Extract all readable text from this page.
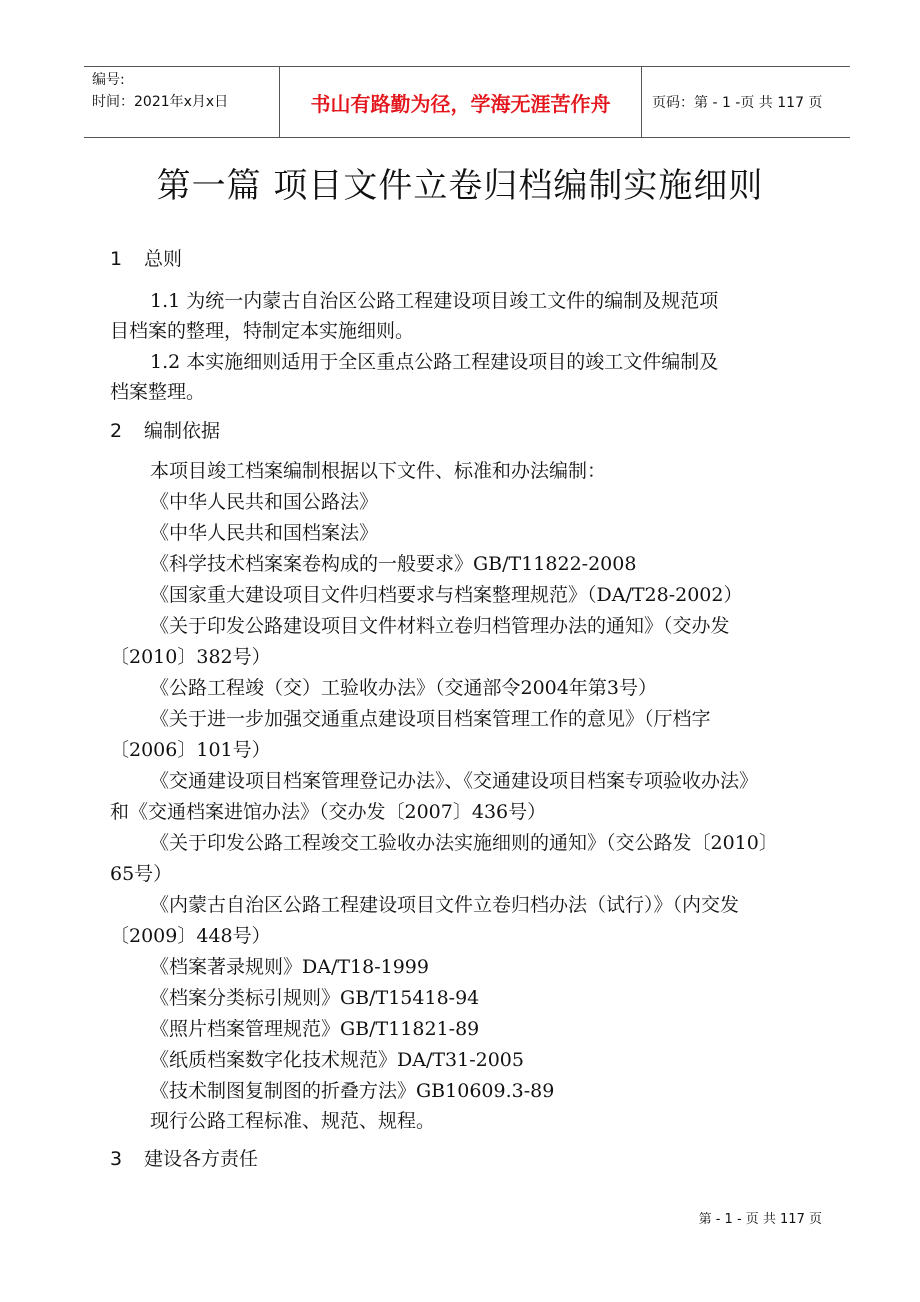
编号:
时间：2021年x月x日	书山有路勤为径，学海无涯苦作舟	页码：第 - 1 -页 共 117 页
第一篇 项目文件立卷归档编制实施细则
1 总则
1.1 为统一内蒙古自治区公路工程建设项目竣工文件的编制及规范项
目档案的整理，特制定本实施细则。
1.2 本实施细则适用于全区重点公路工程建设项目的竣工文件编制及
档案整理。
2 编制依据
本项目竣工档案编制根据以下文件、标准和办法编制：
《中华人民共和国公路法》
《中华人民共和国档案法》
《科学技术档案案卷构成的一般要求》GB/T11822-2008
《国家重大建设项目文件归档要求与档案整理规范》（DA/T28-2002）
《关于印发公路建设项目文件材料立卷归档管理办法的通知》（交办发
〔2010〕382号）
《公路工程竣（交）工验收办法》（交通部令2004年第3号）
《关于进一步加强交通重点建设项目档案管理工作的意见》（厅档字
〔2006〕101号）
《交通建设项目档案管理登记办法》、《交通建设项目档案专项验收办法》
和《交通档案进馆办法》（交办发〔2007〕436号）
《关于印发公路工程竣交工验收办法实施细则的通知》（交公路发〔2010〕
65号）
《内蒙古自治区公路工程建设项目文件立卷归档办法（试行）》（内交发
〔2009〕448号）
《档案著录规则》DA/T18-1999
《档案分类标引规则》GB/T15418-94
《照片档案管理规范》GB/T11821-89
《纸质档案数字化技术规范》DA/T31-2005
《技术制图复制图的折叠方法》GB10609.3-89
现行公路工程标准、规范、规程。
3 建设各方责任
第 - 1 - 页 共 117 页
